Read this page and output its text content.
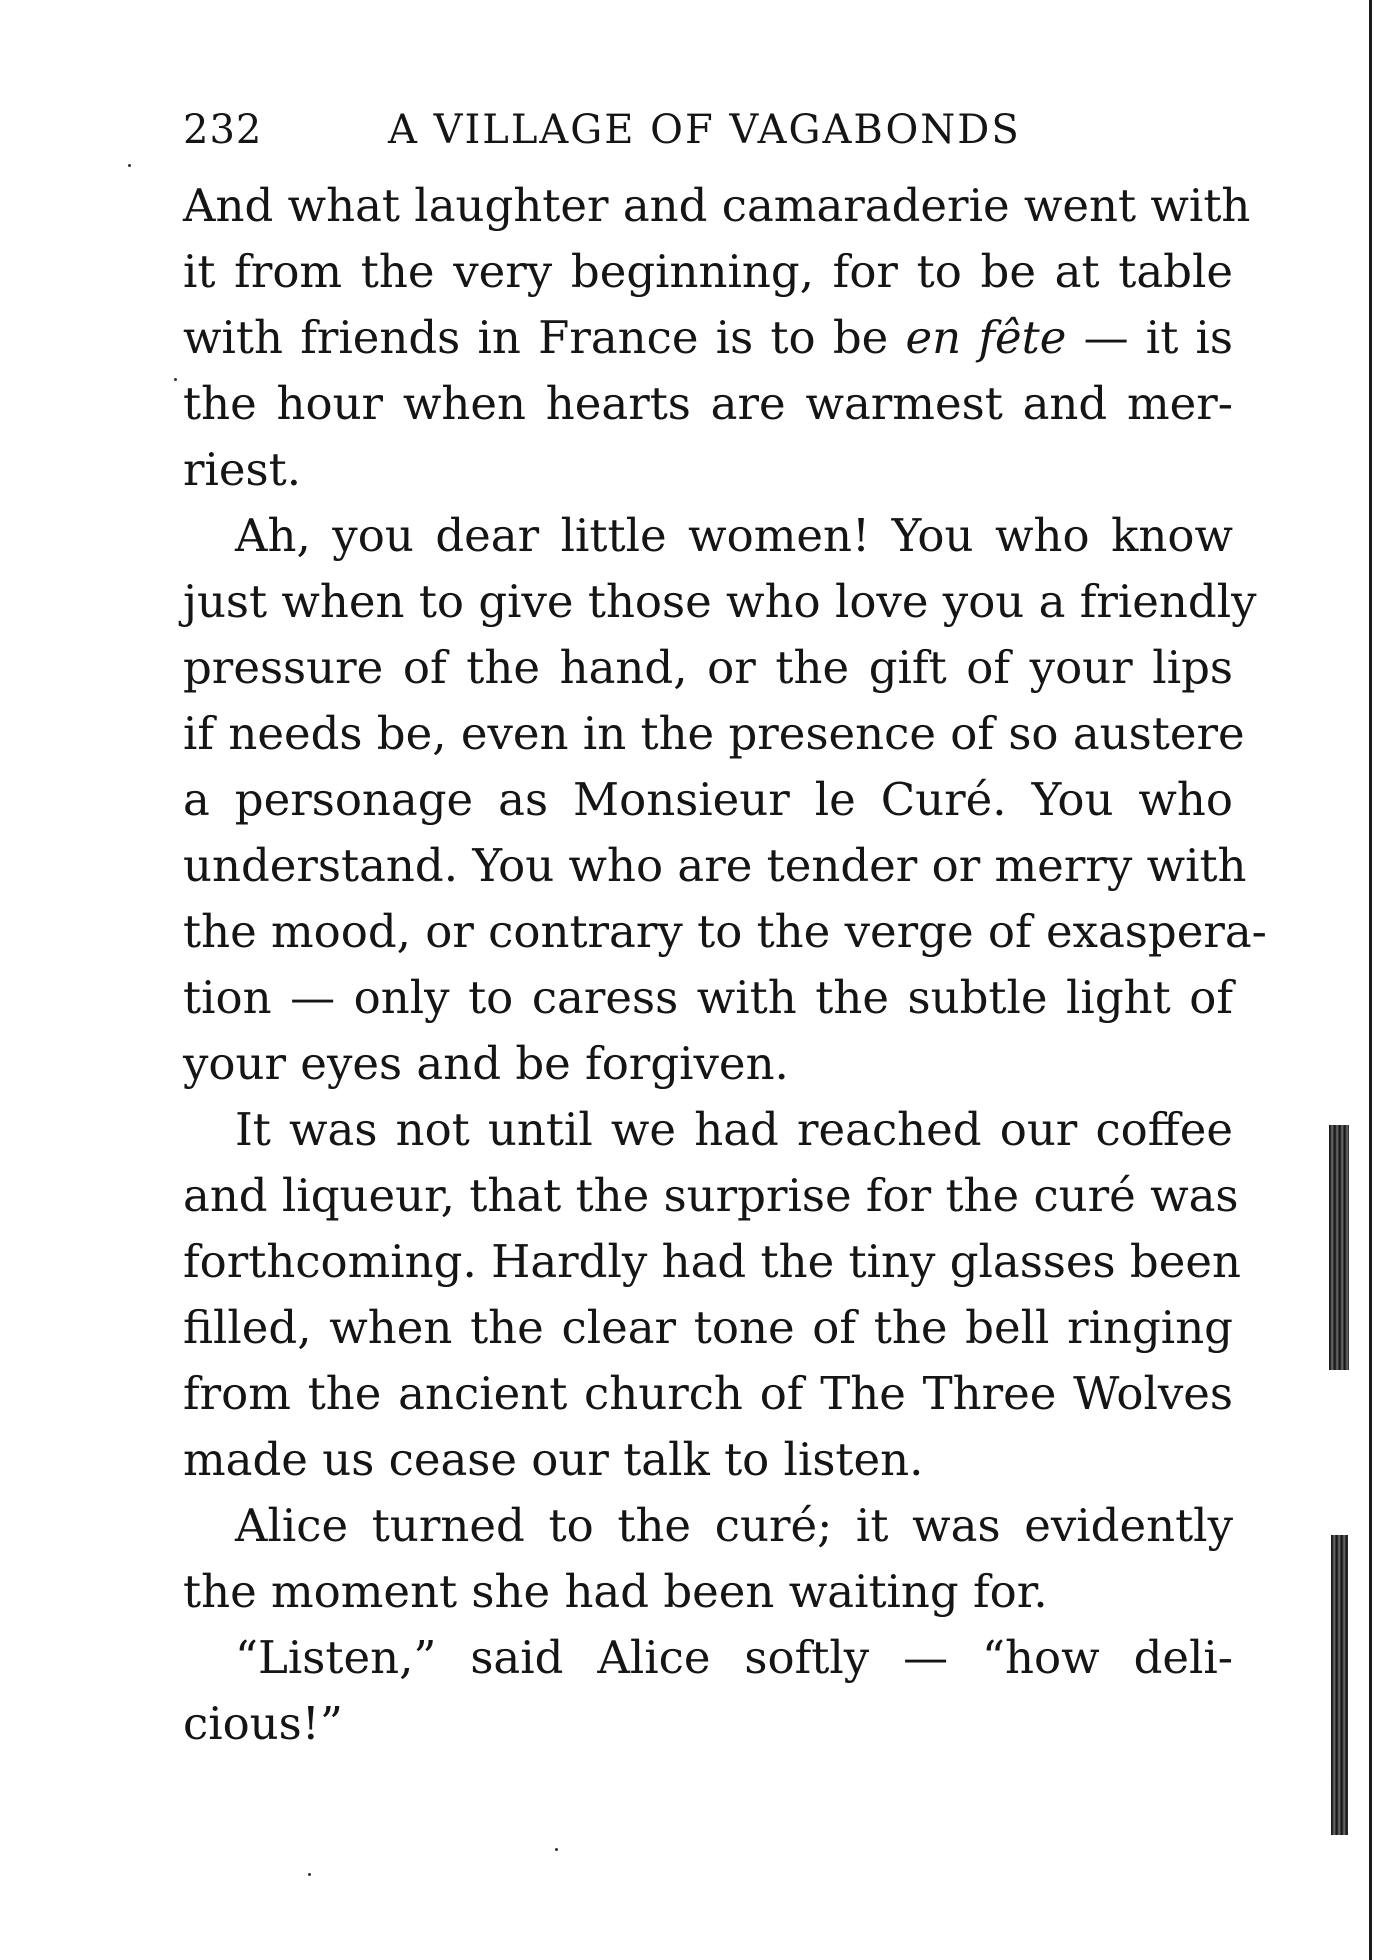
232	A VILLAGE OF VAGABONDS
And what laughter and camaraderie went with
it from the very beginning, for to be at table
with friends in France is to be en fête — it is
the hour when hearts are warmest and mer-
riest.
Ah, you dear little women! You who know
just when to give those who love you a friendly
pressure of the hand, or the gift of your lips
if needs be, even in the presence of so austere
a personage as Monsieur le Curé. You who
understand. You who are tender or merry with
the mood, or contrary to the verge of exaspera-
tion — only to caress with the subtle light of
your eyes and be forgiven.
It was not until we had reached our coffee
and liqueur, that the surprise for the curé was
forthcoming. Hardly had the tiny glasses been
filled, when the clear tone of the bell ringing
from the ancient church of The Three Wolves
made us cease our talk to listen.
Alice turned to the curé; it was evidently
the moment she had been waiting for.
“Listen,” said Alice softly — “how deli-
cious!”
